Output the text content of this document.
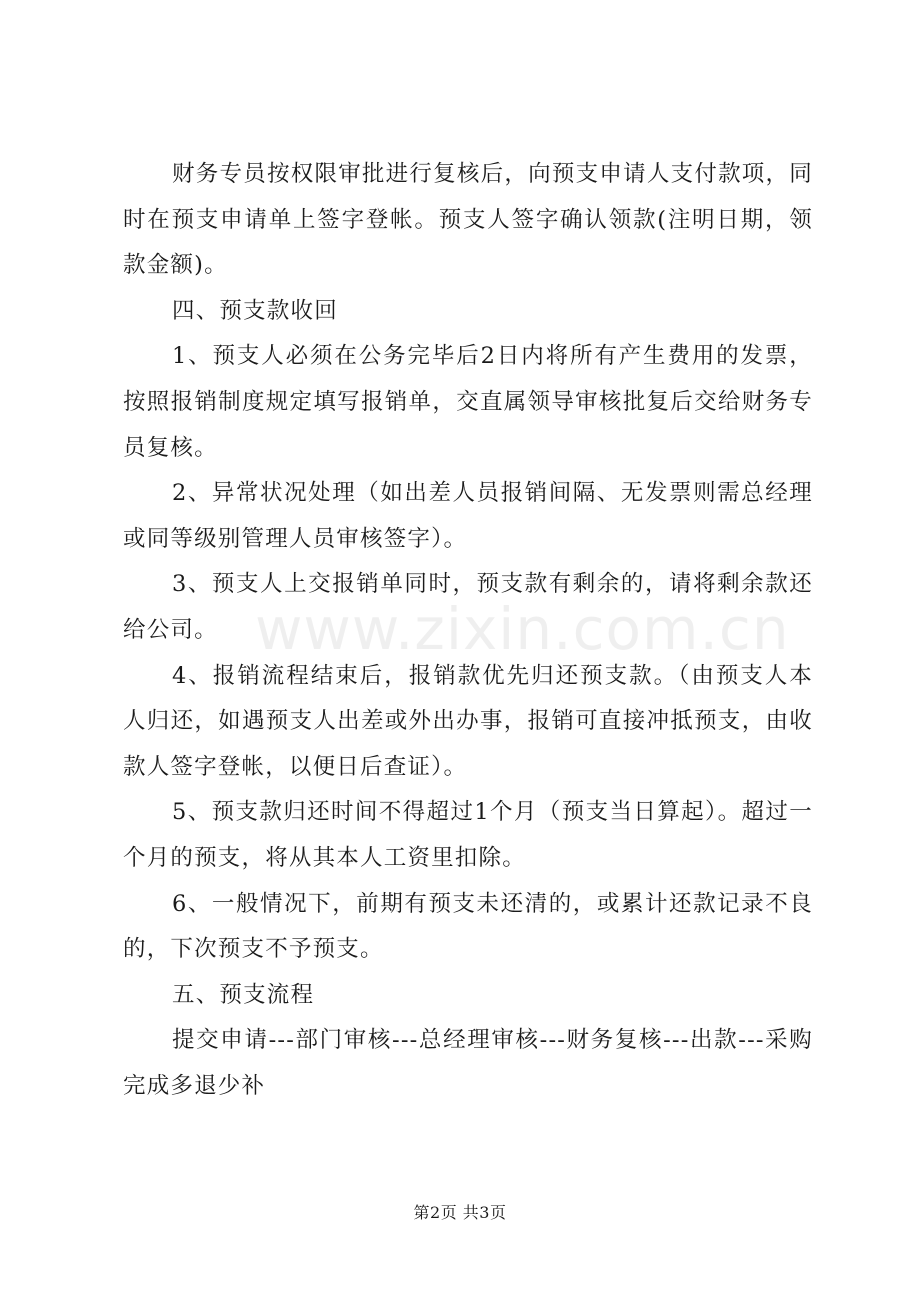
财务专员按权限审批进行复核后，向预支申请人支付款项，同时在预支申请单上签字登帐。预支人签字确认领款(注明日期，领款金额)。

四、预支款收回

1、预支人必须在公务完毕后2日内将所有产生费用的发票，按照报销制度规定填写报销单，交直属领导审核批复后交给财务专员复核。

2、异常状况处理（如出差人员报销间隔、无发票则需总经理或同等级别管理人员审核签字）。

3、预支人上交报销单同时，预支款有剩余的，请将剩余款还给公司。

4、报销流程结束后，报销款优先归还预支款。（由预支人本人归还，如遇预支人出差或外出办事，报销可直接冲抵预支，由收款人签字登帐，以便日后查证）。

5、预支款归还时间不得超过1个月（预支当日算起）。超过一个月的预支，将从其本人工资里扣除。

6、一般情况下，前期有预支未还清的，或累计还款记录不良的，下次预支不予预支。

五、预支流程

提交申请---部门审核---总经理审核---财务复核---出款---采购完成多退少补

www.zixin.com.cn
第2页 共3页
